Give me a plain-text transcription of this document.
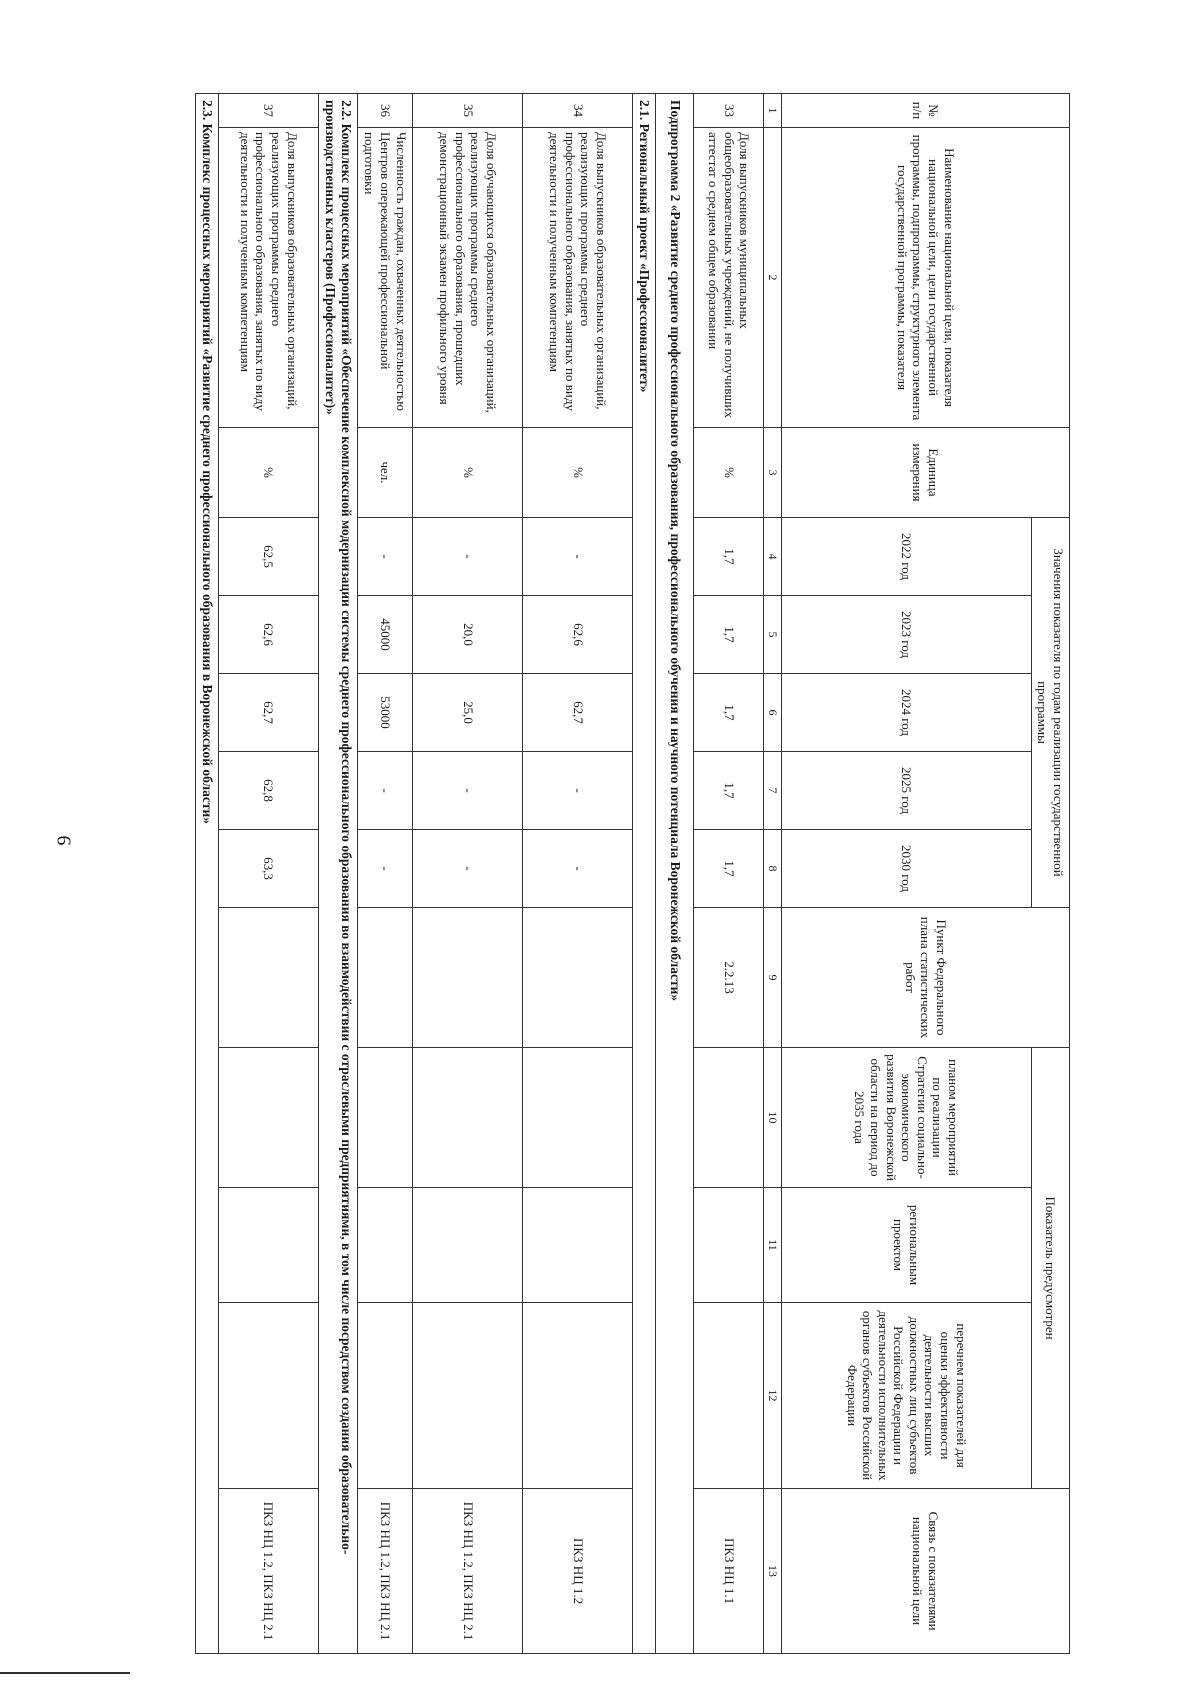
9
№ п/п	Наименование национальной цели, показателя национальной цели, цели государственной программы, подпрограммы, структурного элемента государственной программы, показателя	Единица измерения	Значения показателя по годам реализации государственной программы					Пункт Федерального плана статистических работ	Показатель предусмотрен			Связь с показателями национальной цели
			2022 год	2023 год	2024 год	2025 год	2030 год		планом мероприятий по реализации Стратегии социально-экономического развития Воронежской области на период до 2035 года	региональным проектом	перечнем показателей для оценки эффективности деятельности высших должностных лиц субъектов Российской Федерации и деятельности исполнительных органов субъектов Российской Федерации	
1	2	3	4	5	6	7	8	9	10	11	12	13
33	Доля выпускников муниципальных общеобразовательных учреждений, не получивших аттестат о среднем общем образовании	%	1,7	1,7	1,7	1,7	1,7	2.2.13				ПКЗ НЦ 1.1
Подпрограмма 2 «Развитие среднего профессионального образования, профессионального обучения и научного потенциала Воронежской области»												
2.1. Региональный проект «Профессионалитет»												
34	Доля выпускников образовательных организаций, реализующих программы среднего профессионального образования, занятых по виду деятельности и полученным компетенциям	%	-	62,6	62,7	-	-					ПКЗ НЦ 1.2
35	Доля обучающихся образовательных организаций, реализующих программы среднего профессионального образования, прошедших демонстрационный экзамен профильного уровня	%	-	20,0	25,0	-	-					ПКЗ НЦ 1.2, ПКЗ НЦ 2.1
36	Численность граждан, охваченных деятельностью Центров опережающей профессиональной подготовки	чел.	-	45000	53000	-	-					ПКЗ НЦ 1.2, ПКЗ НЦ 2.1
2.2. Комплекс процессных мероприятий «Обеспечение комплексной модернизации системы среднего профессионального образования во взаимодействии с отраслевыми предприятиями, в том числе посредством создания образовательно-производственных кластеров (Профессионалитет)»												
37	Доля выпускников образовательных организаций, реализующих программы среднего профессионального образования, занятых по виду деятельности и полученным компетенциям	%	62,5	62,6	62,7	62,8	63,3					ПКЗ НЦ 1.2, ПКЗ НЦ 2.1
2.3. Комплекс процессных мероприятий «Развитие среднего профессионального образования в Воронежской области»												
